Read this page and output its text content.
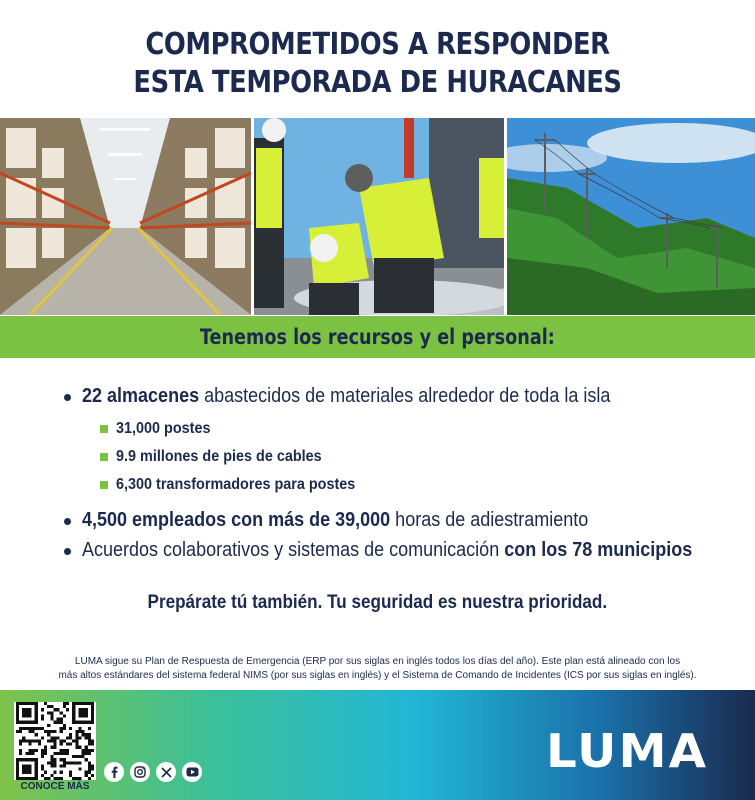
COMPROMETIDOS A RESPONDER
ESTA TEMPORADA DE HURACANES
Tenemos los recursos y el personal:
22 almacenes abastecidos de materiales alrededor de toda la isla
31,000 postes
9.9 millones de pies de cables
6,300 transformadores para postes
4,500 empleados con más de 39,000 horas de adiestramiento
Acuerdos colaborativos y sistemas de comunicación con los 78 municipios
Prepárate tú también. Tu seguridad es nuestra prioridad.
LUMA sigue su Plan de Respuesta de Emergencia (ERP por sus siglas en inglés todos los días del año). Este plan está alineado con los
más altos estándares del sistema federal NIMS (por sus siglas en inglés) y el Sistema de Comando de Incidentes (ICS por sus siglas en inglés).
CONOCE MÁS
LUMA
